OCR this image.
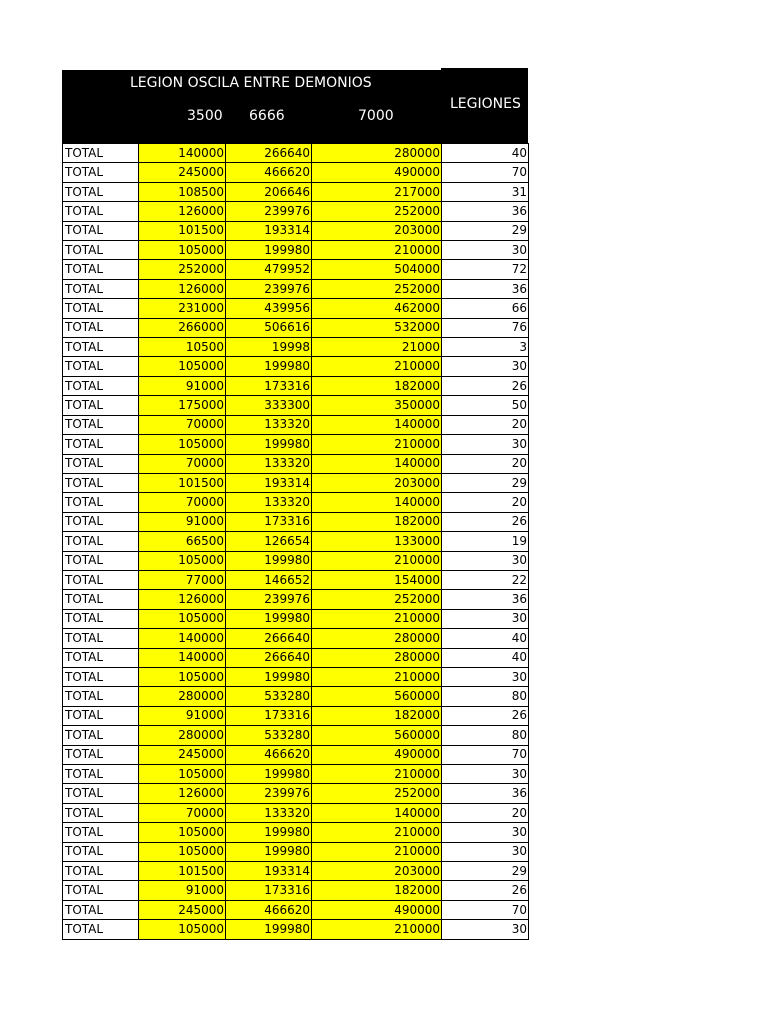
LEGION OSCILA ENTRE DEMONIOS
3500 6666	7000
LEGIONES
TOTAL	140000	266640	280000	40
TOTAL	245000	466620	490000	70
TOTAL	108500	206646	217000	31
TOTAL	126000	239976	252000	36
TOTAL	101500	193314	203000	29
TOTAL	105000	199980	210000	30
TOTAL	252000	479952	504000	72
TOTAL	126000	239976	252000	36
TOTAL	231000	439956	462000	66
TOTAL	266000	506616	532000	76
TOTAL	10500	19998	21000	3
TOTAL	105000	199980	210000	30
TOTAL	91000	173316	182000	26
TOTAL	175000	333300	350000	50
TOTAL	70000	133320	140000	20
TOTAL	105000	199980	210000	30
TOTAL	70000	133320	140000	20
TOTAL	101500	193314	203000	29
TOTAL	70000	133320	140000	20
TOTAL	91000	173316	182000	26
TOTAL	66500	126654	133000	19
TOTAL	105000	199980	210000	30
TOTAL	77000	146652	154000	22
TOTAL	126000	239976	252000	36
TOTAL	105000	199980	210000	30
TOTAL	140000	266640	280000	40
TOTAL	140000	266640	280000	40
TOTAL	105000	199980	210000	30
TOTAL	280000	533280	560000	80
TOTAL	91000	173316	182000	26
TOTAL	280000	533280	560000	80
TOTAL	245000	466620	490000	70
TOTAL	105000	199980	210000	30
TOTAL	126000	239976	252000	36
TOTAL	70000	133320	140000	20
TOTAL	105000	199980	210000	30
TOTAL	105000	199980	210000	30
TOTAL	101500	193314	203000	29
TOTAL	91000	173316	182000	26
TOTAL	245000	466620	490000	70
TOTAL	105000	199980	210000	30
